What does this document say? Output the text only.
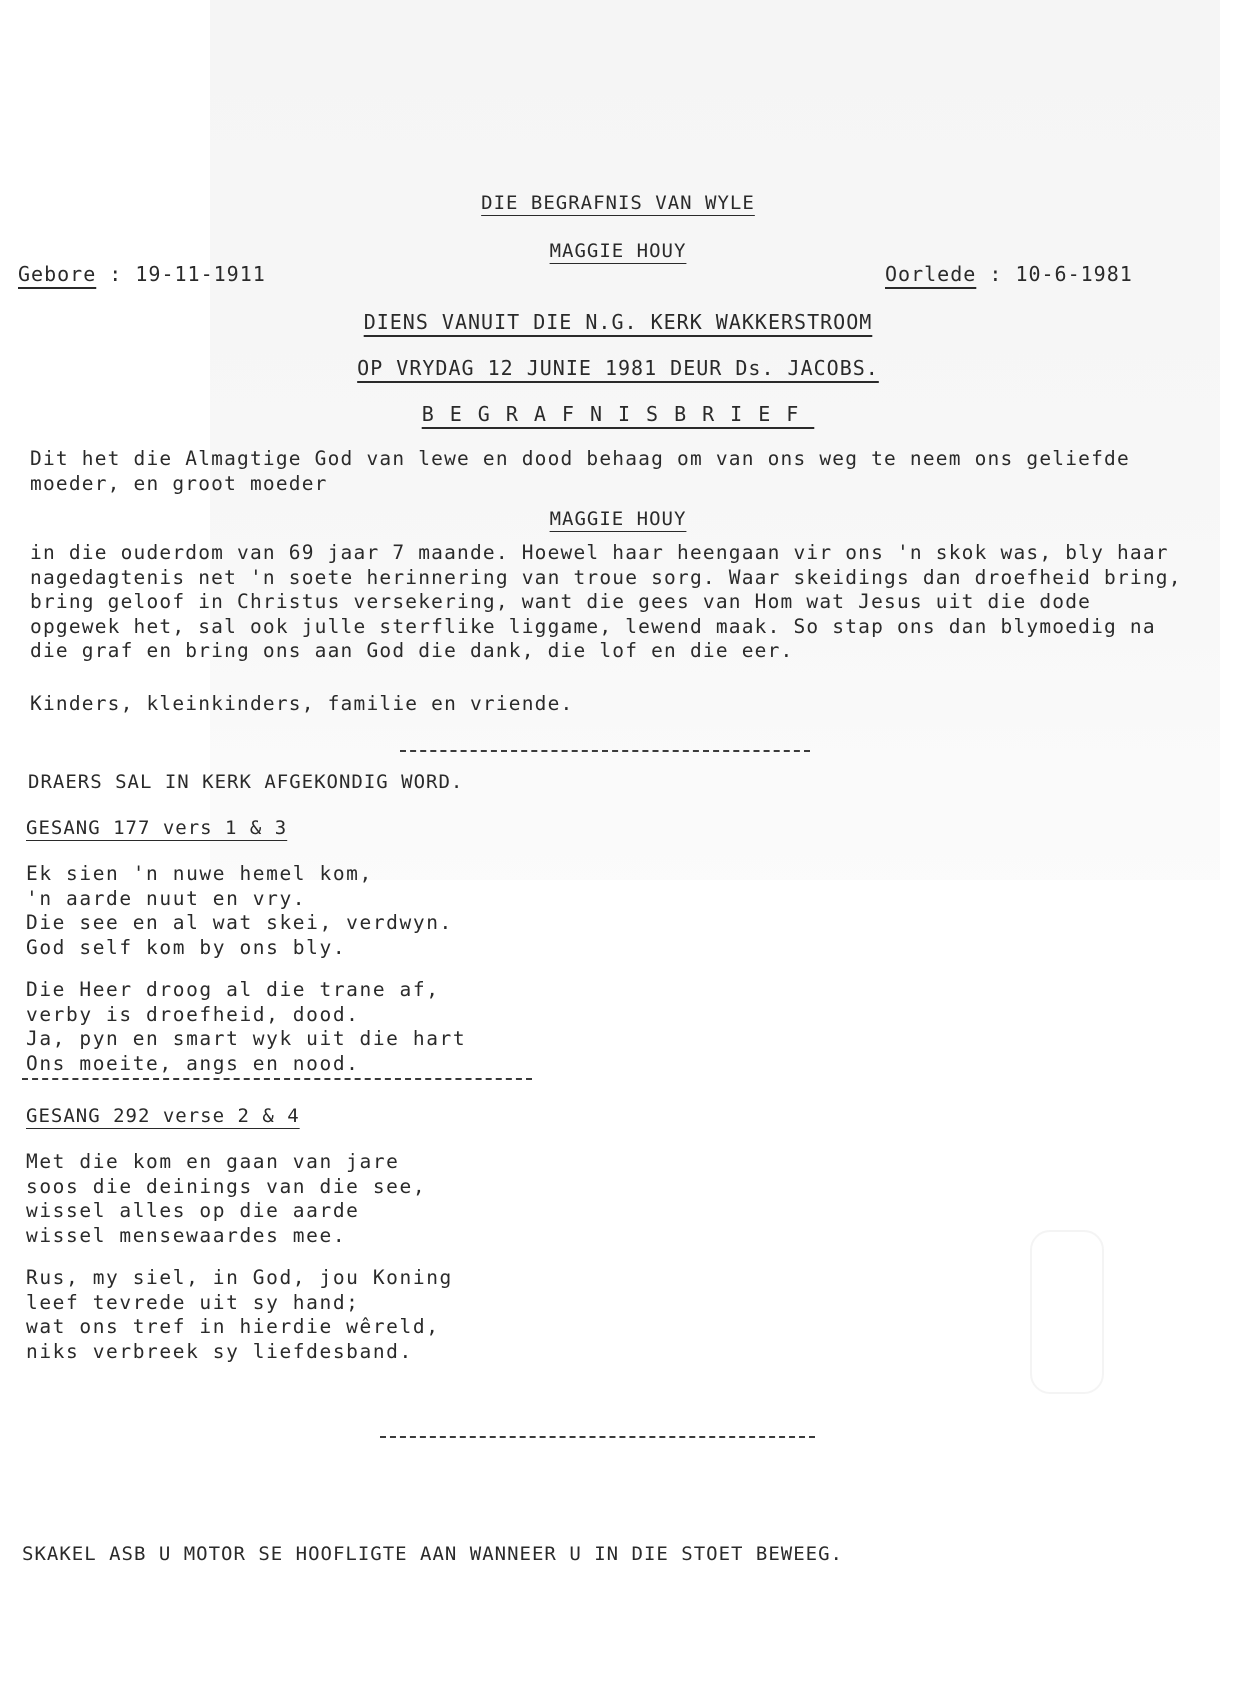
DIE BEGRAFNIS VAN WYLE
MAGGIE HOUY
Gebore : 19-11-1911	Oorlede : 10-6-1981
DIENS VANUIT DIE N.G. KERK WAKKERSTROOM
OP VRYDAG 12 JUNIE 1981 DEUR Ds. JACOBS.
BEGRAFNISBRIEF
Dit het die Almagtige God van lewe en dood behaag om van ons weg te neem ons geliefde moeder, en groot moeder
MAGGIE HOUY
in die ouderdom van 69 jaar 7 maande. Hoewel haar heengaan vir ons 'n skok was, bly haar nagedagtenis net 'n soete herinnering van troue sorg. Waar skeidings dan droefheid bring, bring geloof in Christus versekering, want die gees van Hom wat Jesus uit die dode opgewek het, sal ook julle sterflike liggame, lewend maak. So stap ons dan blymoedig na die graf en bring ons aan God die dank, die lof en die eer.
Kinders, kleinkinders, familie en vriende.
DRAERS SAL IN KERK AFGEKONDIG WORD.
GESANG 177 vers 1 & 3
Ek sien 'n nuwe hemel kom,
'n aarde nuut en vry.
Die see en al wat skei, verdwyn.
God self kom by ons bly.
Die Heer droog al die trane af,
verby is droefheid, dood.
Ja, pyn en smart wyk uit die hart
Ons moeite, angs en nood.
GESANG 292 verse 2 & 4
Met die kom en gaan van jare
soos die deinings van die see,
wissel alles op die aarde
wissel mensewaardes mee.
Rus, my siel, in God, jou Koning
leef tevrede uit sy hand;
wat ons tref in hierdie wêreld,
niks verbreek sy liefdesband.
SKAKEL ASB U MOTOR SE HOOFLIGTE AAN WANNEER U IN DIE STOET BEWEEG.
